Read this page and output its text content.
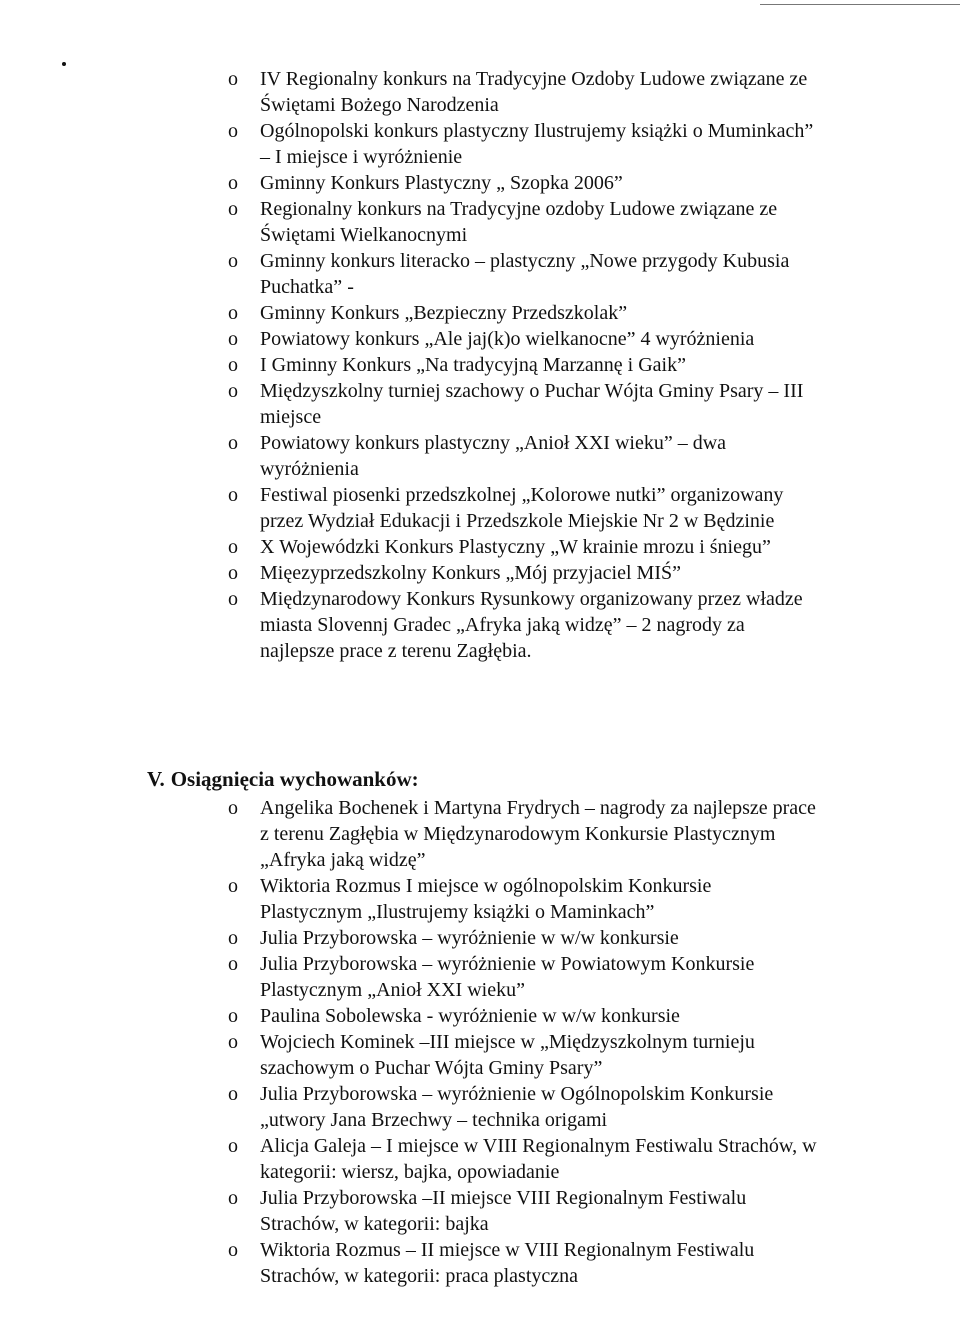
o IV Regionalny konkurs na Tradycyjne Ozdoby Ludowe związane ze Świętami Bożego Narodzenia
o Ogólnopolski konkurs plastyczny Ilustrujemy książki o Muminkach” – I miejsce i wyróżnienie
o Gminny Konkurs Plastyczny „ Szopka 2006”
o Regionalny konkurs na Tradycyjne ozdoby Ludowe związane ze Świętami Wielkanocnymi
o Gminny konkurs literacko – plastyczny „Nowe przygody Kubusia Puchatka” -
o Gminny Konkurs „Bezpieczny Przedszkolak”
o Powiatowy konkurs „Ale jaj(k)o wielkanocne” 4 wyróżnienia
o I Gminny Konkurs „Na tradycyjną Marzannę i Gaik”
o Międzyszkolny turniej szachowy o Puchar Wójta Gminy Psary – III miejsce
o Powiatowy konkurs plastyczny „Anioł XXI wieku” – dwa wyróżnienia
o Festiwal piosenki przedszkolnej „Kolorowe nutki” organizowany przez Wydział Edukacji i Przedszkole Miejskie Nr 2 w Będzinie
o X Wojewódzki Konkurs Plastyczny „W krainie mrozu i śniegu”
o Mięezyprzedszkolny Konkurs „Mój przyjaciel MIŚ”
o Międzynarodowy Konkurs Rysunkowy organizowany przez władze miasta Slovennj Gradec „Afryka jaką widzę” – 2 nagrody za najlepsze prace z terenu Zagłębia.
V. Osiągnięcia wychowanków:
o Angelika Bochenek i Martyna Frydrych – nagrody za najlepsze prace z terenu Zagłębia w Międzynarodowym Konkursie Plastycznym „Afryka jaką widzę”
o Wiktoria Rozmus I miejsce w ogólnopolskim Konkursie Plastycznym „Ilustrujemy książki o Maminkach”
o Julia Przyborowska – wyróżnienie w w/w konkursie
o Julia Przyborowska – wyróżnienie w Powiatowym Konkursie Plastycznym „Anioł XXI wieku”
o Paulina Sobolewska - wyróżnienie w w/w konkursie
o Wojciech Kominek –III miejsce w „Międzyszkolnym turnieju szachowym o Puchar Wójta Gminy Psary”
o Julia Przyborowska – wyróżnienie w Ogólnopolskim Konkursie „utwory Jana Brzechwy – technika origami
o Alicja Galeja – I miejsce w VIII Regionalnym Festiwalu Strachów, w kategorii: wiersz, bajka, opowiadanie
o Julia Przyborowska –II miejsce VIII Regionalnym Festiwalu Strachów, w kategorii: bajka
o Wiktoria Rozmus – II miejsce w VIII Regionalnym Festiwalu Strachów, w kategorii: praca plastyczna
